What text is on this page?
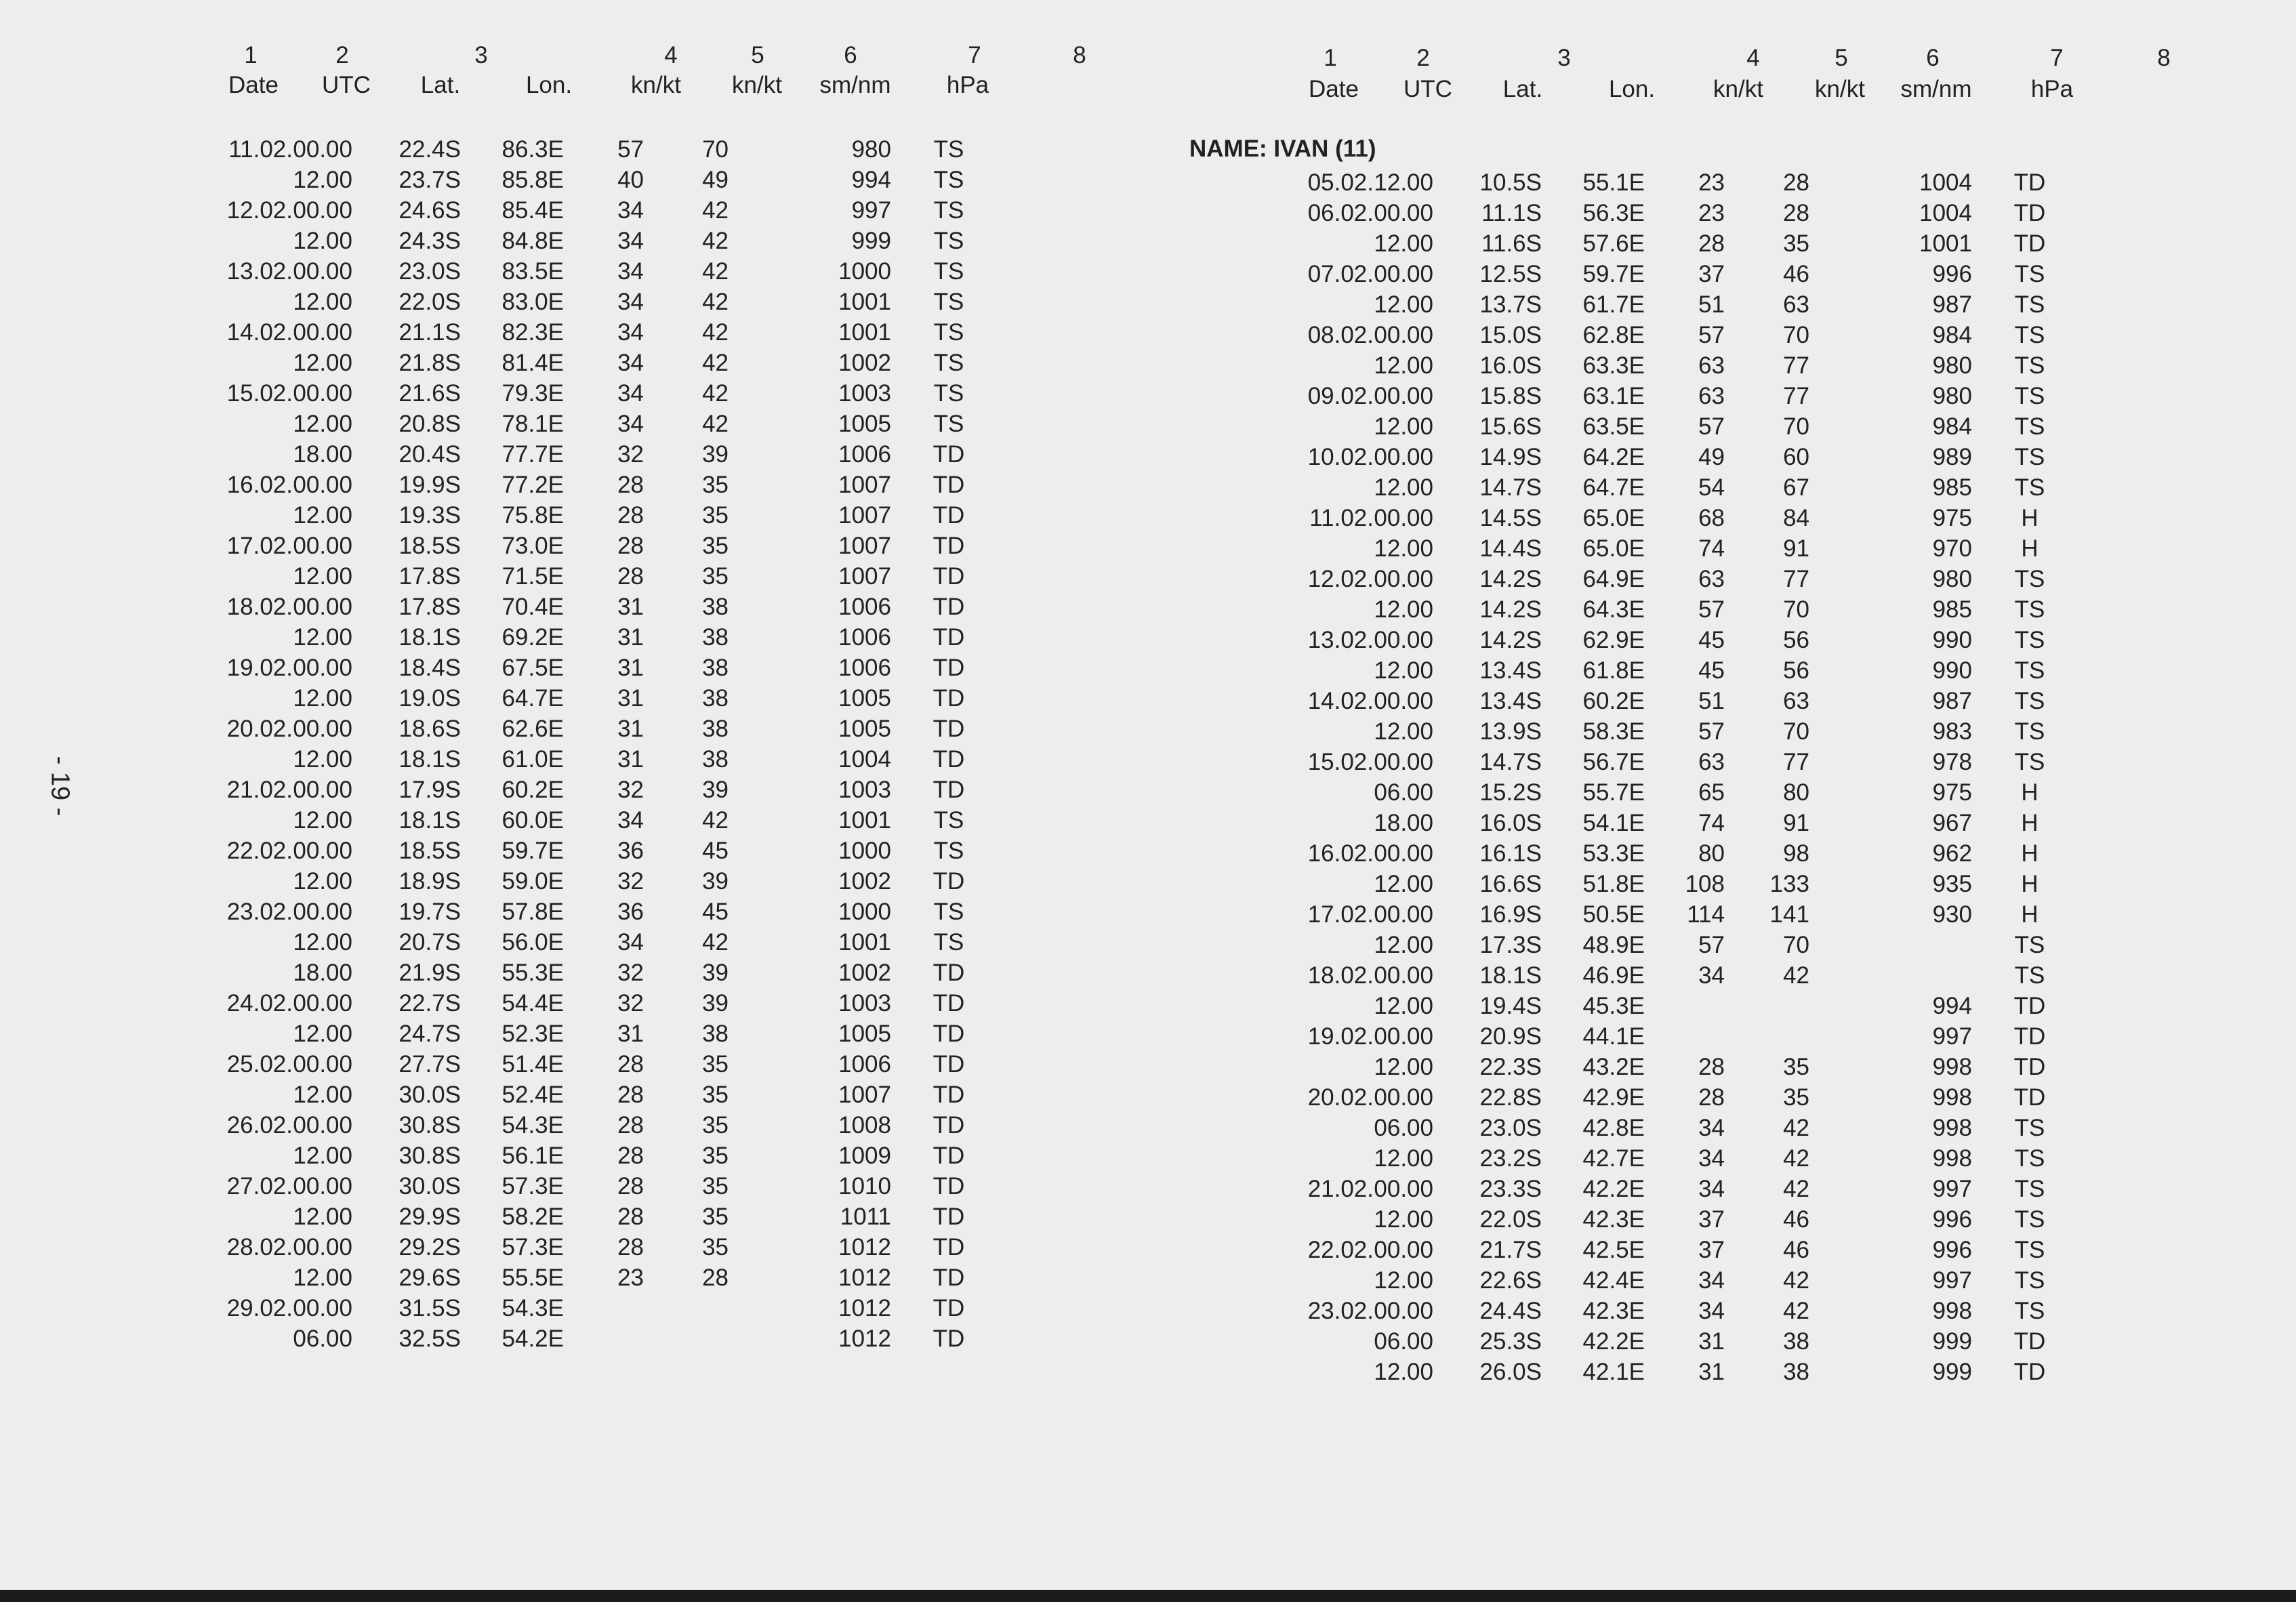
- 19 -
1	2	3	4	5	6	7	8
Date UTC Lat.	Lon. kn/kt kn/kt sm/nm hPa
1	2	3	4	5	6	7	8
Date UTC Lat.	Lon. kn/kt kn/kt sm/nm hPa
NAME: IVAN (11)
11.02.	00.00	22.4S	86.3E	57	70		980	TS
	12.00	23.7S	85.8E	40	49		994	TS
12.02.	00.00	24.6S	85.4E	34	42		997	TS
	12.00	24.3S	84.8E	34	42		999	TS
13.02.	00.00	23.0S	83.5E	34	42		1000	TS
	12.00	22.0S	83.0E	34	42		1001	TS
14.02.	00.00	21.1S	82.3E	34	42		1001	TS
	12.00	21.8S	81.4E	34	42		1002	TS
15.02.	00.00	21.6S	79.3E	34	42		1003	TS
	12.00	20.8S	78.1E	34	42		1005	TS
	18.00	20.4S	77.7E	32	39		1006	TD
16.02.	00.00	19.9S	77.2E	28	35		1007	TD
	12.00	19.3S	75.8E	28	35		1007	TD
17.02.	00.00	18.5S	73.0E	28	35		1007	TD
	12.00	17.8S	71.5E	28	35		1007	TD
18.02.	00.00	17.8S	70.4E	31	38		1006	TD
	12.00	18.1S	69.2E	31	38		1006	TD
19.02.	00.00	18.4S	67.5E	31	38		1006	TD
	12.00	19.0S	64.7E	31	38		1005	TD
20.02.	00.00	18.6S	62.6E	31	38		1005	TD
	12.00	18.1S	61.0E	31	38		1004	TD
21.02.	00.00	17.9S	60.2E	32	39		1003	TD
	12.00	18.1S	60.0E	34	42		1001	TS
22.02.	00.00	18.5S	59.7E	36	45		1000	TS
	12.00	18.9S	59.0E	32	39		1002	TD
23.02.	00.00	19.7S	57.8E	36	45		1000	TS
	12.00	20.7S	56.0E	34	42		1001	TS
	18.00	21.9S	55.3E	32	39		1002	TD
24.02.	00.00	22.7S	54.4E	32	39		1003	TD
	12.00	24.7S	52.3E	31	38		1005	TD
25.02.	00.00	27.7S	51.4E	28	35		1006	TD
	12.00	30.0S	52.4E	28	35		1007	TD
26.02.	00.00	30.8S	54.3E	28	35		1008	TD
	12.00	30.8S	56.1E	28	35		1009	TD
27.02.	00.00	30.0S	57.3E	28	35		1010	TD
	12.00	29.9S	58.2E	28	35		1011	TD
28.02.	00.00	29.2S	57.3E	28	35		1012	TD
	12.00	29.6S	55.5E	23	28		1012	TD
29.02.	00.00	31.5S	54.3E				1012	TD
	06.00	32.5S	54.2E				1012	TD
05.02.	12.00	10.5S	55.1E	23	28		1004	TD
06.02.	00.00	11.1S	56.3E	23	28		1004	TD
	12.00	11.6S	57.6E	28	35		1001	TD
07.02.	00.00	12.5S	59.7E	37	46		996	TS
	12.00	13.7S	61.7E	51	63		987	TS
08.02.	00.00	15.0S	62.8E	57	70		984	TS
	12.00	16.0S	63.3E	63	77		980	TS
09.02.	00.00	15.8S	63.1E	63	77		980	TS
	12.00	15.6S	63.5E	57	70		984	TS
10.02.	00.00	14.9S	64.2E	49	60		989	TS
	12.00	14.7S	64.7E	54	67		985	TS
11.02.	00.00	14.5S	65.0E	68	84		975	H
	12.00	14.4S	65.0E	74	91		970	H
12.02.	00.00	14.2S	64.9E	63	77		980	TS
	12.00	14.2S	64.3E	57	70		985	TS
13.02.	00.00	14.2S	62.9E	45	56		990	TS
	12.00	13.4S	61.8E	45	56		990	TS
14.02.	00.00	13.4S	60.2E	51	63		987	TS
	12.00	13.9S	58.3E	57	70		983	TS
15.02.	00.00	14.7S	56.7E	63	77		978	TS
	06.00	15.2S	55.7E	65	80		975	H
	18.00	16.0S	54.1E	74	91		967	H
16.02.	00.00	16.1S	53.3E	80	98		962	H
	12.00	16.6S	51.8E	108	133		935	H
17.02.	00.00	16.9S	50.5E	114	141		930	H
	12.00	17.3S	48.9E	57	70			TS
18.02.	00.00	18.1S	46.9E	34	42			TS
	12.00	19.4S	45.3E				994	TD
19.02.	00.00	20.9S	44.1E				997	TD
	12.00	22.3S	43.2E	28	35		998	TD
20.02.	00.00	22.8S	42.9E	28	35		998	TD
	06.00	23.0S	42.8E	34	42		998	TS
	12.00	23.2S	42.7E	34	42		998	TS
21.02.	00.00	23.3S	42.2E	34	42		997	TS
	12.00	22.0S	42.3E	37	46		996	TS
22.02.	00.00	21.7S	42.5E	37	46		996	TS
	12.00	22.6S	42.4E	34	42		997	TS
23.02.	00.00	24.4S	42.3E	34	42		998	TS
	06.00	25.3S	42.2E	31	38		999	TD
	12.00	26.0S	42.1E	31	38		999	TD
